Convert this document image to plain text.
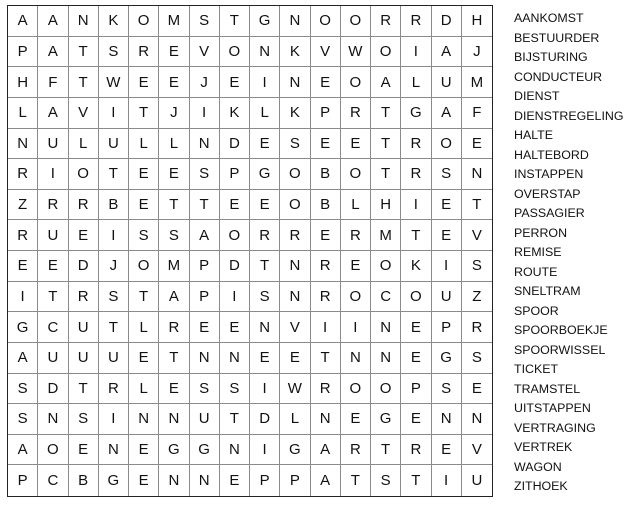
A	A	N	K	O	M	S	T	G	N	O	O	R	R	D	H
P	A	T	S	R	E	V	O	N	K	V	W	O	I	A	J
H	F	T	W	E	E	J	E	I	N	E	O	A	L	U	M
L	A	V	I	T	J	I	K	L	K	P	R	T	G	A	F
N	U	L	U	L	L	N	D	E	S	E	E	T	R	O	E
R	I	O	T	E	E	S	P	G	O	B	O	T	R	S	N
Z	R	R	B	E	T	T	E	E	O	B	L	H	I	E	T
R	U	E	I	S	S	A	O	R	R	E	R	M	T	E	V
E	E	D	J	O	M	P	D	T	N	R	E	O	K	I	S
I	T	R	S	T	A	P	I	S	N	R	O	C	O	U	Z
G	C	U	T	L	R	E	E	N	V	I	I	N	E	P	R
A	U	U	U	E	T	N	N	E	E	T	N	N	E	G	S
S	D	T	R	L	E	S	S	I	W	R	O	O	P	S	E
S	N	S	I	N	N	U	T	D	L	N	E	G	E	N	N
A	O	E	N	E	G	G	N	I	G	A	R	T	R	E	V
P	C	B	G	E	N	N	E	P	P	A	T	S	T	I	U
AANKOMST
BESTUURDER
BIJSTURING
CONDUCTEUR
DIENST
DIENSTREGELING
HALTE
HALTEBORD
INSTAPPEN
OVERSTAP
PASSAGIER
PERRON
REMISE
ROUTE
SNELTRAM
SPOOR
SPOORBOEKJE
SPOORWISSEL
TICKET
TRAMSTEL
UITSTAPPEN
VERTRAGING
VERTREK
WAGON
ZITHOEK
